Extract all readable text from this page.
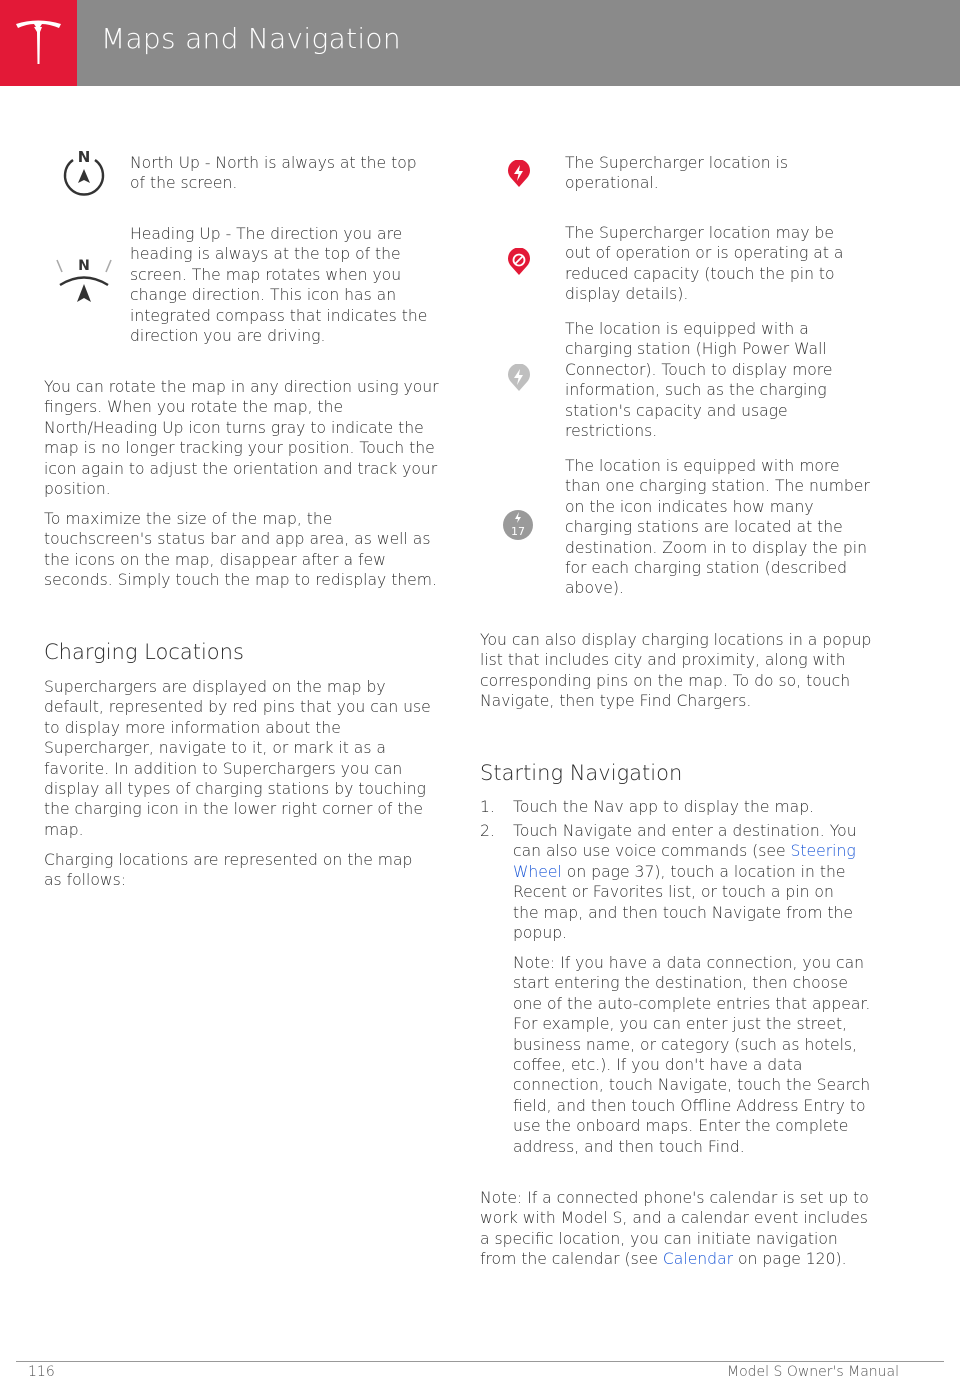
Maps and Navigation
N	North Up - North is always at the top of the screen.
N
Heading Up - The direction you are heading is always at the top of the screen. The map rotates when you change direction. This icon has an integrated compass that indicates the direction you are driving.
You can rotate the map in any direction using your fingers. When you rotate the map, the North/Heading Up icon turns gray to indicate the map is no longer tracking your position. Touch the icon again to adjust the orientation and track your position.
To maximize the size of the map, the touchscreen's status bar and app area, as well as the icons on the map, disappear after a few seconds. Simply touch the map to redisplay them.
Charging Locations
Superchargers are displayed on the map by default, represented by red pins that you can use to display more information about the Supercharger, navigate to it, or mark it as a favorite. In addition to Superchargers you can display all types of charging stations by touching the charging icon in the lower right corner of the map.
Charging locations are represented on the map as follows:
The Supercharger location is operational.
The Supercharger location may be out of operation or is operating at a reduced capacity (touch the pin to display details).
The location is equipped with a charging station (High Power Wall Connector). Touch to display more information, such as the charging station's capacity and usage restrictions.
17
The location is equipped with more than one charging station. The number on the icon indicates how many charging stations are located at the destination. Zoom in to display the pin for each charging station (described above).
You can also display charging locations in a popup list that includes city and proximity, along with corresponding pins on the map. To do so, touch Navigate, then type Find Chargers.
Starting Navigation
1. Touch the Nav app to display the map.
2. Touch Navigate and enter a destination. You can also use voice commands (see Steering Wheel on page 37), touch a location in the Recent or Favorites list, or touch a pin on the map, and then touch Navigate from the popup.
Note: If you have a data connection, you can start entering the destination, then choose one of the auto-complete entries that appear. For example, you can enter just the street, business name, or category (such as hotels, coffee, etc.). If you don't have a data connection, touch Navigate, touch the Search field, and then touch Offline Address Entry to use the onboard maps. Enter the complete address, and then touch Find.
Note: If a connected phone's calendar is set up to work with Model S, and a calendar event includes a specific location, you can initiate navigation from the calendar (see Calendar on page 120).
116	Model S Owner's Manual
